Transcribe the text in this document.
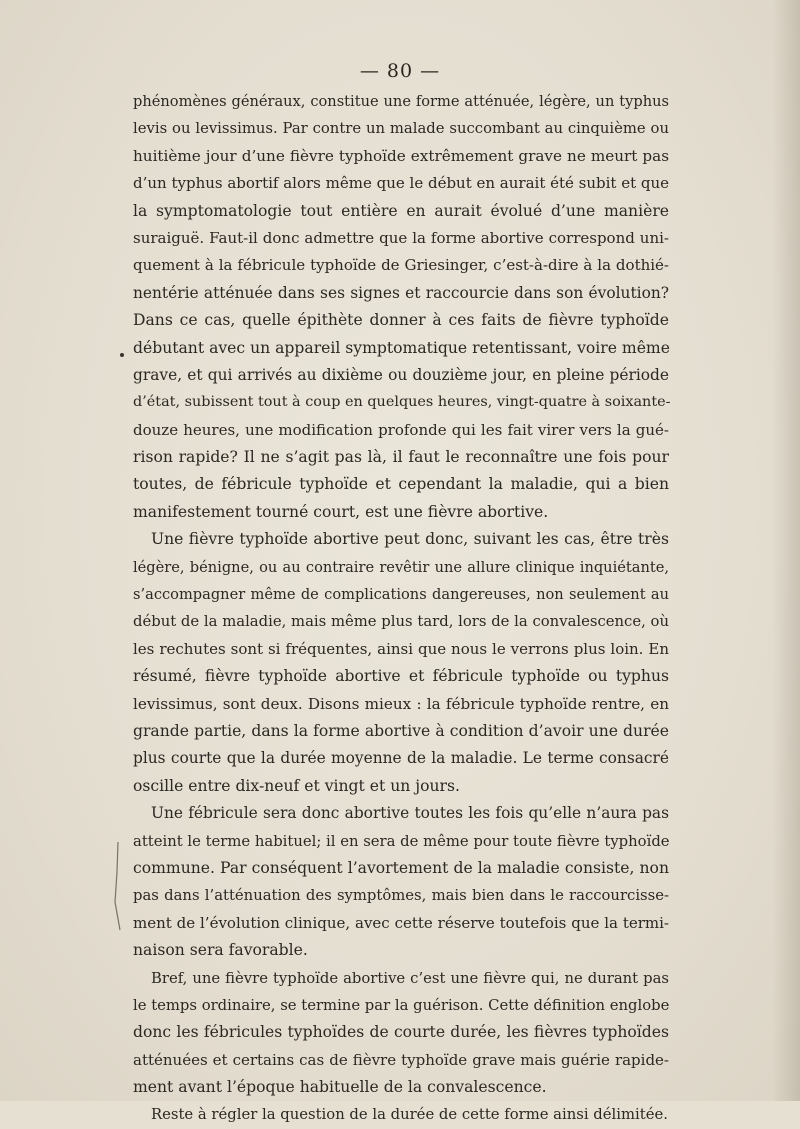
— 80 —
phénomènes généraux, constitue une forme atténuée, légère, un typhus
levis ou levissimus. Par contre un malade succombant au cinquième ou
huitième jour d’une fièvre typhoïde extrêmement grave ne meurt pas
d’un typhus abortif alors même que le début en aurait été subit et que
la symptomatologie tout entière en aurait évolué d’une manière
suraiguë. Faut-il donc admettre que la forme abortive correspond uni-
quement à la fébricule typhoïde de Griesinger, c’est-à-dire à la dothié-
nentérie atténuée dans ses signes et raccourcie dans son évolution?
Dans ce cas, quelle épithète donner à ces faits de fièvre typhoïde
débutant avec un appareil symptomatique retentissant, voire même
grave, et qui arrivés au dixième ou douzième jour, en pleine période
d’état, subissent tout à coup en quelques heures, vingt-quatre à soixante-
douze heures, une modification profonde qui les fait virer vers la gué-
rison rapide? Il ne s’agit pas là, il faut le reconnaître une fois pour
toutes, de fébricule typhoïde et cependant la maladie, qui a bien
manifestement tourné court, est une fièvre abortive.
Une fièvre typhoïde abortive peut donc, suivant les cas, être très
légère, bénigne, ou au contraire revêtir une allure clinique inquiétante,
s’accompagner même de complications dangereuses, non seulement au
début de la maladie, mais même plus tard, lors de la convalescence, où
les rechutes sont si fréquentes, ainsi que nous le verrons plus loin. En
résumé, fièvre typhoïde abortive et fébricule typhoïde ou typhus
levissimus, sont deux. Disons mieux : la fébricule typhoïde rentre, en
grande partie, dans la forme abortive à condition d’avoir une durée
plus courte que la durée moyenne de la maladie. Le terme consacré
oscille entre dix-neuf et vingt et un jours.
Une fébricule sera donc abortive toutes les fois qu’elle n’aura pas
atteint le terme habituel; il en sera de même pour toute fièvre typhoïde
commune. Par conséquent l’avortement de la maladie consiste, non
pas dans l’atténuation des symptômes, mais bien dans le raccourcisse-
ment de l’évolution clinique, avec cette réserve toutefois que la termi-
naison sera favorable.
Bref, une fièvre typhoïde abortive c’est une fièvre qui, ne durant pas
le temps ordinaire, se termine par la guérison. Cette définition englobe
donc les fébricules typhoïdes de courte durée, les fièvres typhoïdes
atténuées et certains cas de fièvre typhoïde grave mais guérie rapide-
ment avant l’époque habituelle de la convalescence.
Reste à régler la question de la durée de cette forme ainsi délimitée.
